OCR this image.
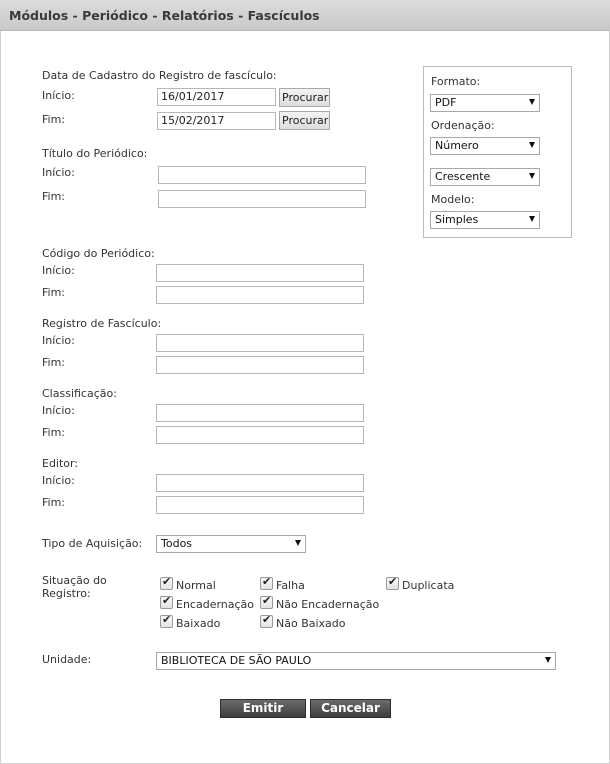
Módulos - Periódico - Relatórios - Fascículos
Data de Cadastro do Registro de fascículo:
Início:	16/01/2017	Procurar
Fim:	15/02/2017	Procurar
Título do Periódico:
Início:
Fim:
Código do Periódico:
Início:
Fim:
Registro de Fascículo:
Início:
Fim:
Classificação:
Início:
Fim:
Editor:
Início:
Fim:
Tipo de Aquisição:	Todos
Situação do
Registro:
✔ Normal	✔ Falha	✔ Duplicata
✔ Encadernação ✔ Não Encadernação
✔ Baixado	✔ Não Baixado
Unidade:	BIBLIOTECA DE SÃO PAULO
Formato:
PDF
Ordenação:
Número
Crescente
Modelo:
Simples
Emitir	Cancelar
